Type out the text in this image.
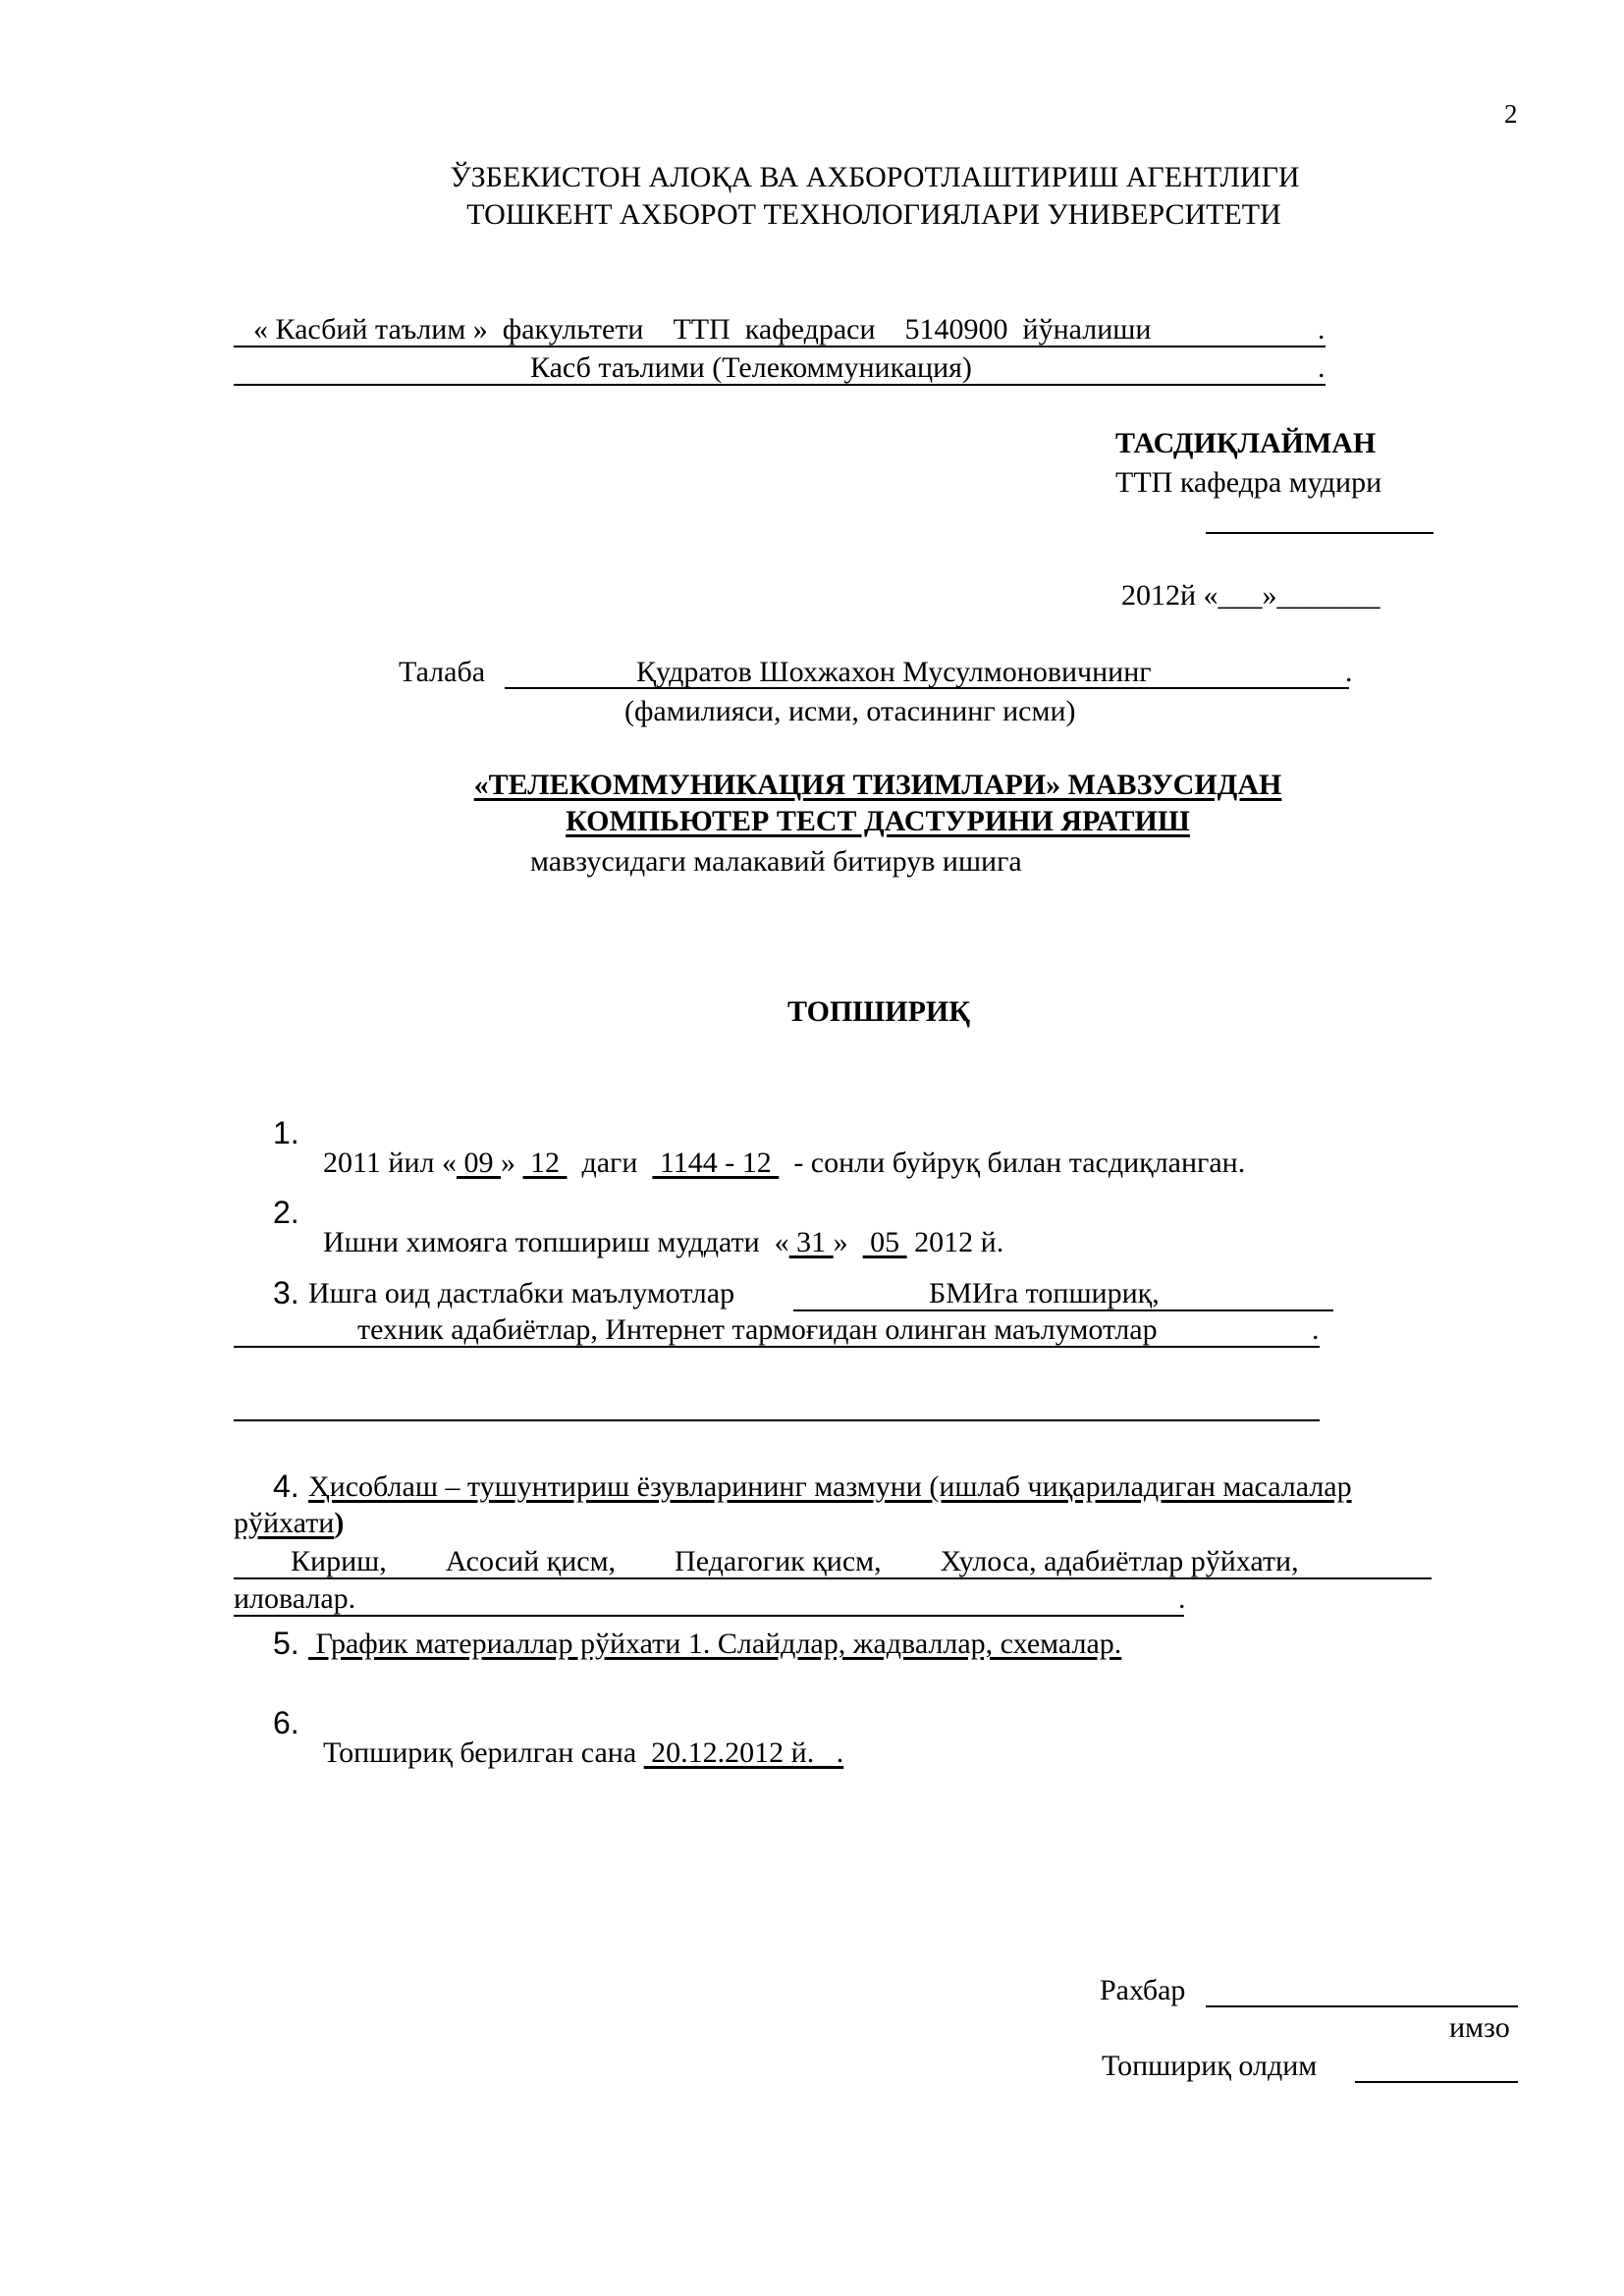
2
ЎЗБЕКИСТОН АЛОҚА ВА АХБОРОТЛАШТИРИШ АГЕНТЛИГИ
ТОШКЕНТ АХБОРОТ ТЕХНОЛОГИЯЛАРИ УНИВЕРСИТЕТИ
« Касбий таълим »  факультети    ТТП  кафедраси    5140900  йўналиши	.
Касб таълими (Телекоммуникация)	.
ТАСДИҚЛАЙМАН
ТТП кафедра мудири
2012й «___»_______
Талаба	Қудратов Шохжахон Мусулмоновичнинг	.
(фамилияси, исми, отасининг исми)
«ТЕЛЕКОММУНИКАЦИЯ ТИЗИМЛАРИ» МАВЗУСИДАН
КОМПЬЮТЕР ТЕСТ ДАСТУРИНИ ЯРАТИШ
мавзусидаги малакавий битирув ишига
ТОПШИРИҚ
1.

2011 йил « 09 »  12   даги   1144 - 12   - сонли буйруқ билан тасдиқланган.

2.

Ишни химояга топшириш муддати  « 31 »   05  2012 й.

3. Ишга оид дастлабки маълумотлар	БМИга топшириқ,
техник адабиётлар, Интернет тармоғидан олинган маълумотлар	.
4. Ҳисоблаш – тушунтириш ёзувларининг мазмуни (ишлаб чиқариладиган масалалар
рўйхати)
Кириш,        Асосий қисм,        Педагогик қисм,        Хулоса, адабиётлар рўйхати,
иловалар.	.
5. График материаллар рўйхати 1. Слайдлар, жадваллар, схемалар.
6.

Топшириқ берилган сана  20.12.2012 й.   .

Рахбар
имзо
Топшириқ олдим
